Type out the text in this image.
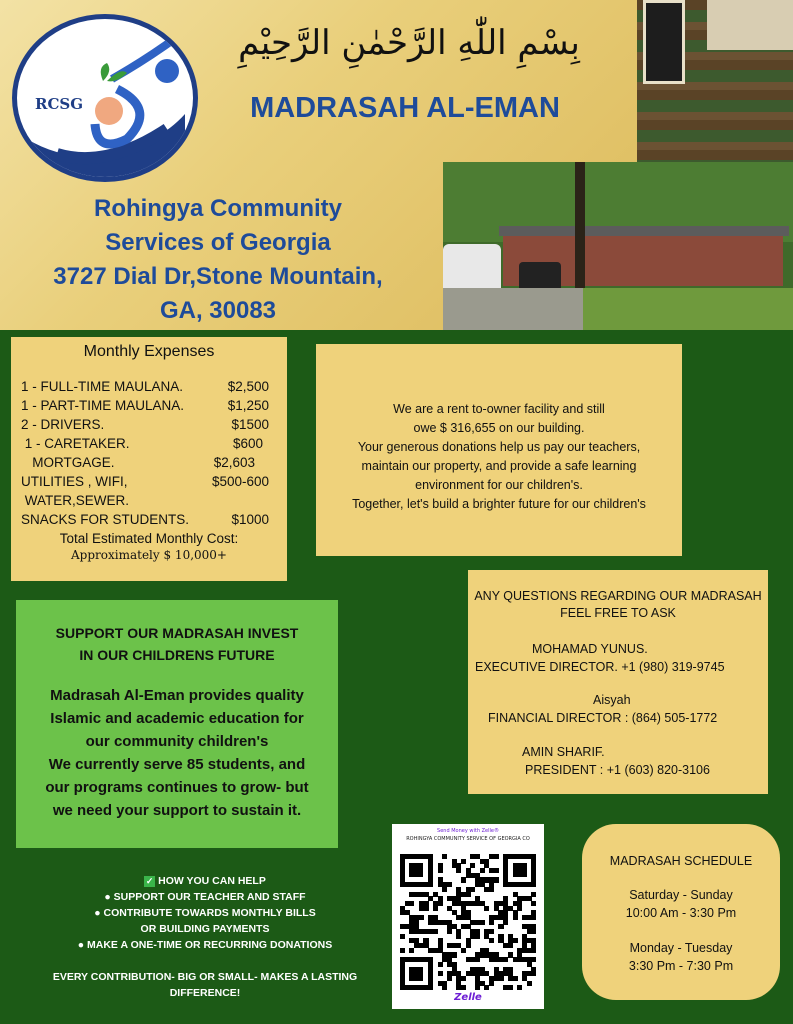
RCSG
بِسْمِ اللّٰهِ الرَّحْمٰنِ الرَّحِيْمِ
MADRASAH AL-EMAN
Rohingya Community
Services of Georgia
3727 Dial Dr,Stone Mountain,
GA, 30083
Monthly Expenses
1 - FULL-TIME MAULANA.	$2,500
1 - PART-TIME MAULANA.	$1,250
2 - DRIVERS.	$1500
1 - CARETAKER.	$600
MORTGAGE.	$2,603
UTILITIES , WIFI,	$500-600
WATER,SEWER.
SNACKS FOR STUDENTS.	$1000
Total Estimated Monthly Cost:
Approximately $ 10,000+
We are a rent to-owner facility and still
owe $ 316,655 on our building.
Your generous donations help us pay our teachers,
maintain our property, and provide a safe learning
environment for our children's.
Together, let's build a brighter future for our children's
ANY QUESTIONS REGARDING OUR MADRASAH
FEEL FREE TO ASK
MOHAMAD YUNUS.
EXECUTIVE DIRECTOR. +1 (980) 319-9745
Aisyah
FINANCIAL DIRECTOR : (864) 505-1772
AMIN SHARIF.
PRESIDENT : +1 (603) 820-3106
SUPPORT OUR MADRASAH INVEST
IN OUR CHILDRENS FUTURE
Madrasah Al-Eman provides quality
Islamic and academic education for
our community children's
We currently serve 85 students, and
our programs continues to grow- but
we need your support to sustain it.
✓ HOW YOU CAN HELP
● SUPPORT OUR TEACHER AND STAFF
● CONTRIBUTE TOWARDS MONTHLY BILLS
OR BUILDING PAYMENTS
● MAKE A ONE-TIME OR RECURRING DONATIONS
EVERY CONTRIBUTION- BIG OR SMALL- MAKES A LASTING
DIFFERENCE!
Send Money with Zelle®
ROHINGYA COMMUNITY SERVICE OF GEORGIA CO
Zelle
MADRASAH SCHEDULE
Saturday - Sunday
10:00 Am - 3:30 Pm
Monday - Tuesday
3:30 Pm - 7:30 Pm
